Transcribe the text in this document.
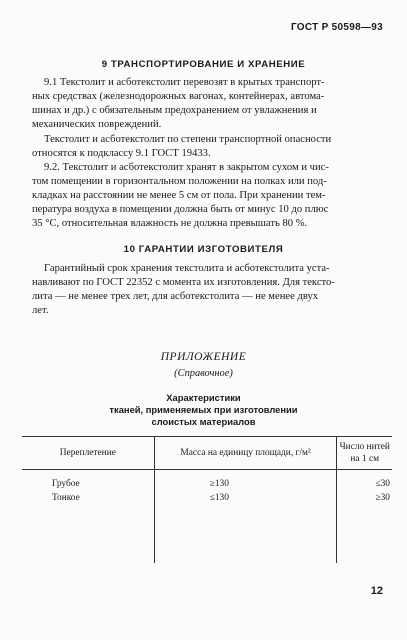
ГОСТ Р 50598—93
9 ТРАНСПОРТИРОВАНИЕ И ХРАНЕНИЕ
9.1 Текстолит и асботекстолит перевозят в крытых транспорт-
ных средствах (железнодорожных вагонах, контейнерах, автома-
шинах и др.) с обязательным предохранением от увлажнения и
механических повреждений.
Текстолит и асботекстолит по степени транспортной опасности
относятся к подклассу 9.1 ГОСТ 19433.
9.2. Текстолит и асботекстолит хранят в закрытом сухом и чис-
том помещении в горизонтальном положении на полках или под-
кладках на расстоянии не менее 5 см от пола. При хранении тем-
пература воздуха в помещении должна быть от минус 10 до плюс
35 °С, относительная влажность не должна превышать 80 %.
10 ГАРАНТИИ ИЗГОТОВИТЕЛЯ
Гарантийный срок хранения текстолита и асботекстолита уста-
навливают по ГОСТ 22352 с момента их изготовления. Для тексто-
лита — не менее трех лет, для асботекстолита — не менее двух
лет.
ПРИЛОЖЕНИЕ
(Справочное)
Характеристики
тканей, применяемых при изготовлении
слоистых материалов
Переплетение	Масса на единицу площади, г/м²	Число нитей на 1 см
Грубое	≥130	≤30
Тонкое	≤130	≥30
12
